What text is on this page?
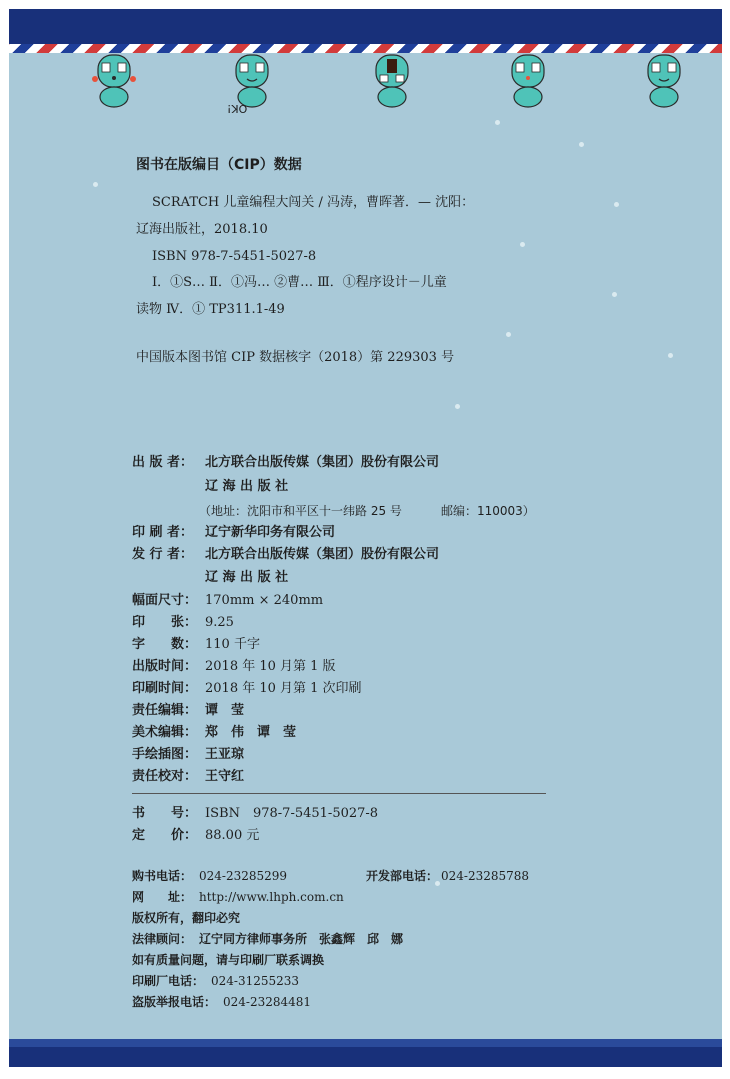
OK!
图书在版编目（CIP）数据
SCRATCH 儿童编程大闯关 / 冯涛，曹晖著．— 沈阳：
辽海出版社，2018.10
ISBN 978-7-5451-5027-8
Ⅰ．①S… Ⅱ．①冯… ②曹… Ⅲ．①程序设计－儿童
读物 Ⅳ．① TP311.1-49
中国版本图书馆 CIP 数据核字（2018）第 229303 号
出 版 者： 北方联合出版传媒（集团）股份有限公司
辽 海 出 版 社
（地址：沈阳市和平区十一纬路 25 号	邮编：110003）
印 刷 者： 辽宁新华印务有限公司
发 行 者： 北方联合出版传媒（集团）股份有限公司
辽 海 出 版 社
幅面尺寸： 170mm × 240mm
印　　张： 9.25
字　　数： 110 千字
出版时间： 2018 年 10 月第 1 版
印刷时间： 2018 年 10 月第 1 次印刷
责任编辑： 谭　莹
美术编辑： 郑　伟　谭　莹
手绘插图： 王亚琼
责任校对： 王守红
书　　号： ISBN　978-7-5451-5027-8
定　　价： 88.00 元
购书电话： 024-23285299	开发部电话： 024-23285788
网　　址： http://www.lhph.com.cn
版权所有，翻印必究
法律顾问： 辽宁同方律师事务所　张鑫辉　邱　娜
如有质量问题，请与印刷厂联系调换
印刷厂电话： 024-31255233
盗版举报电话： 024-23284481
